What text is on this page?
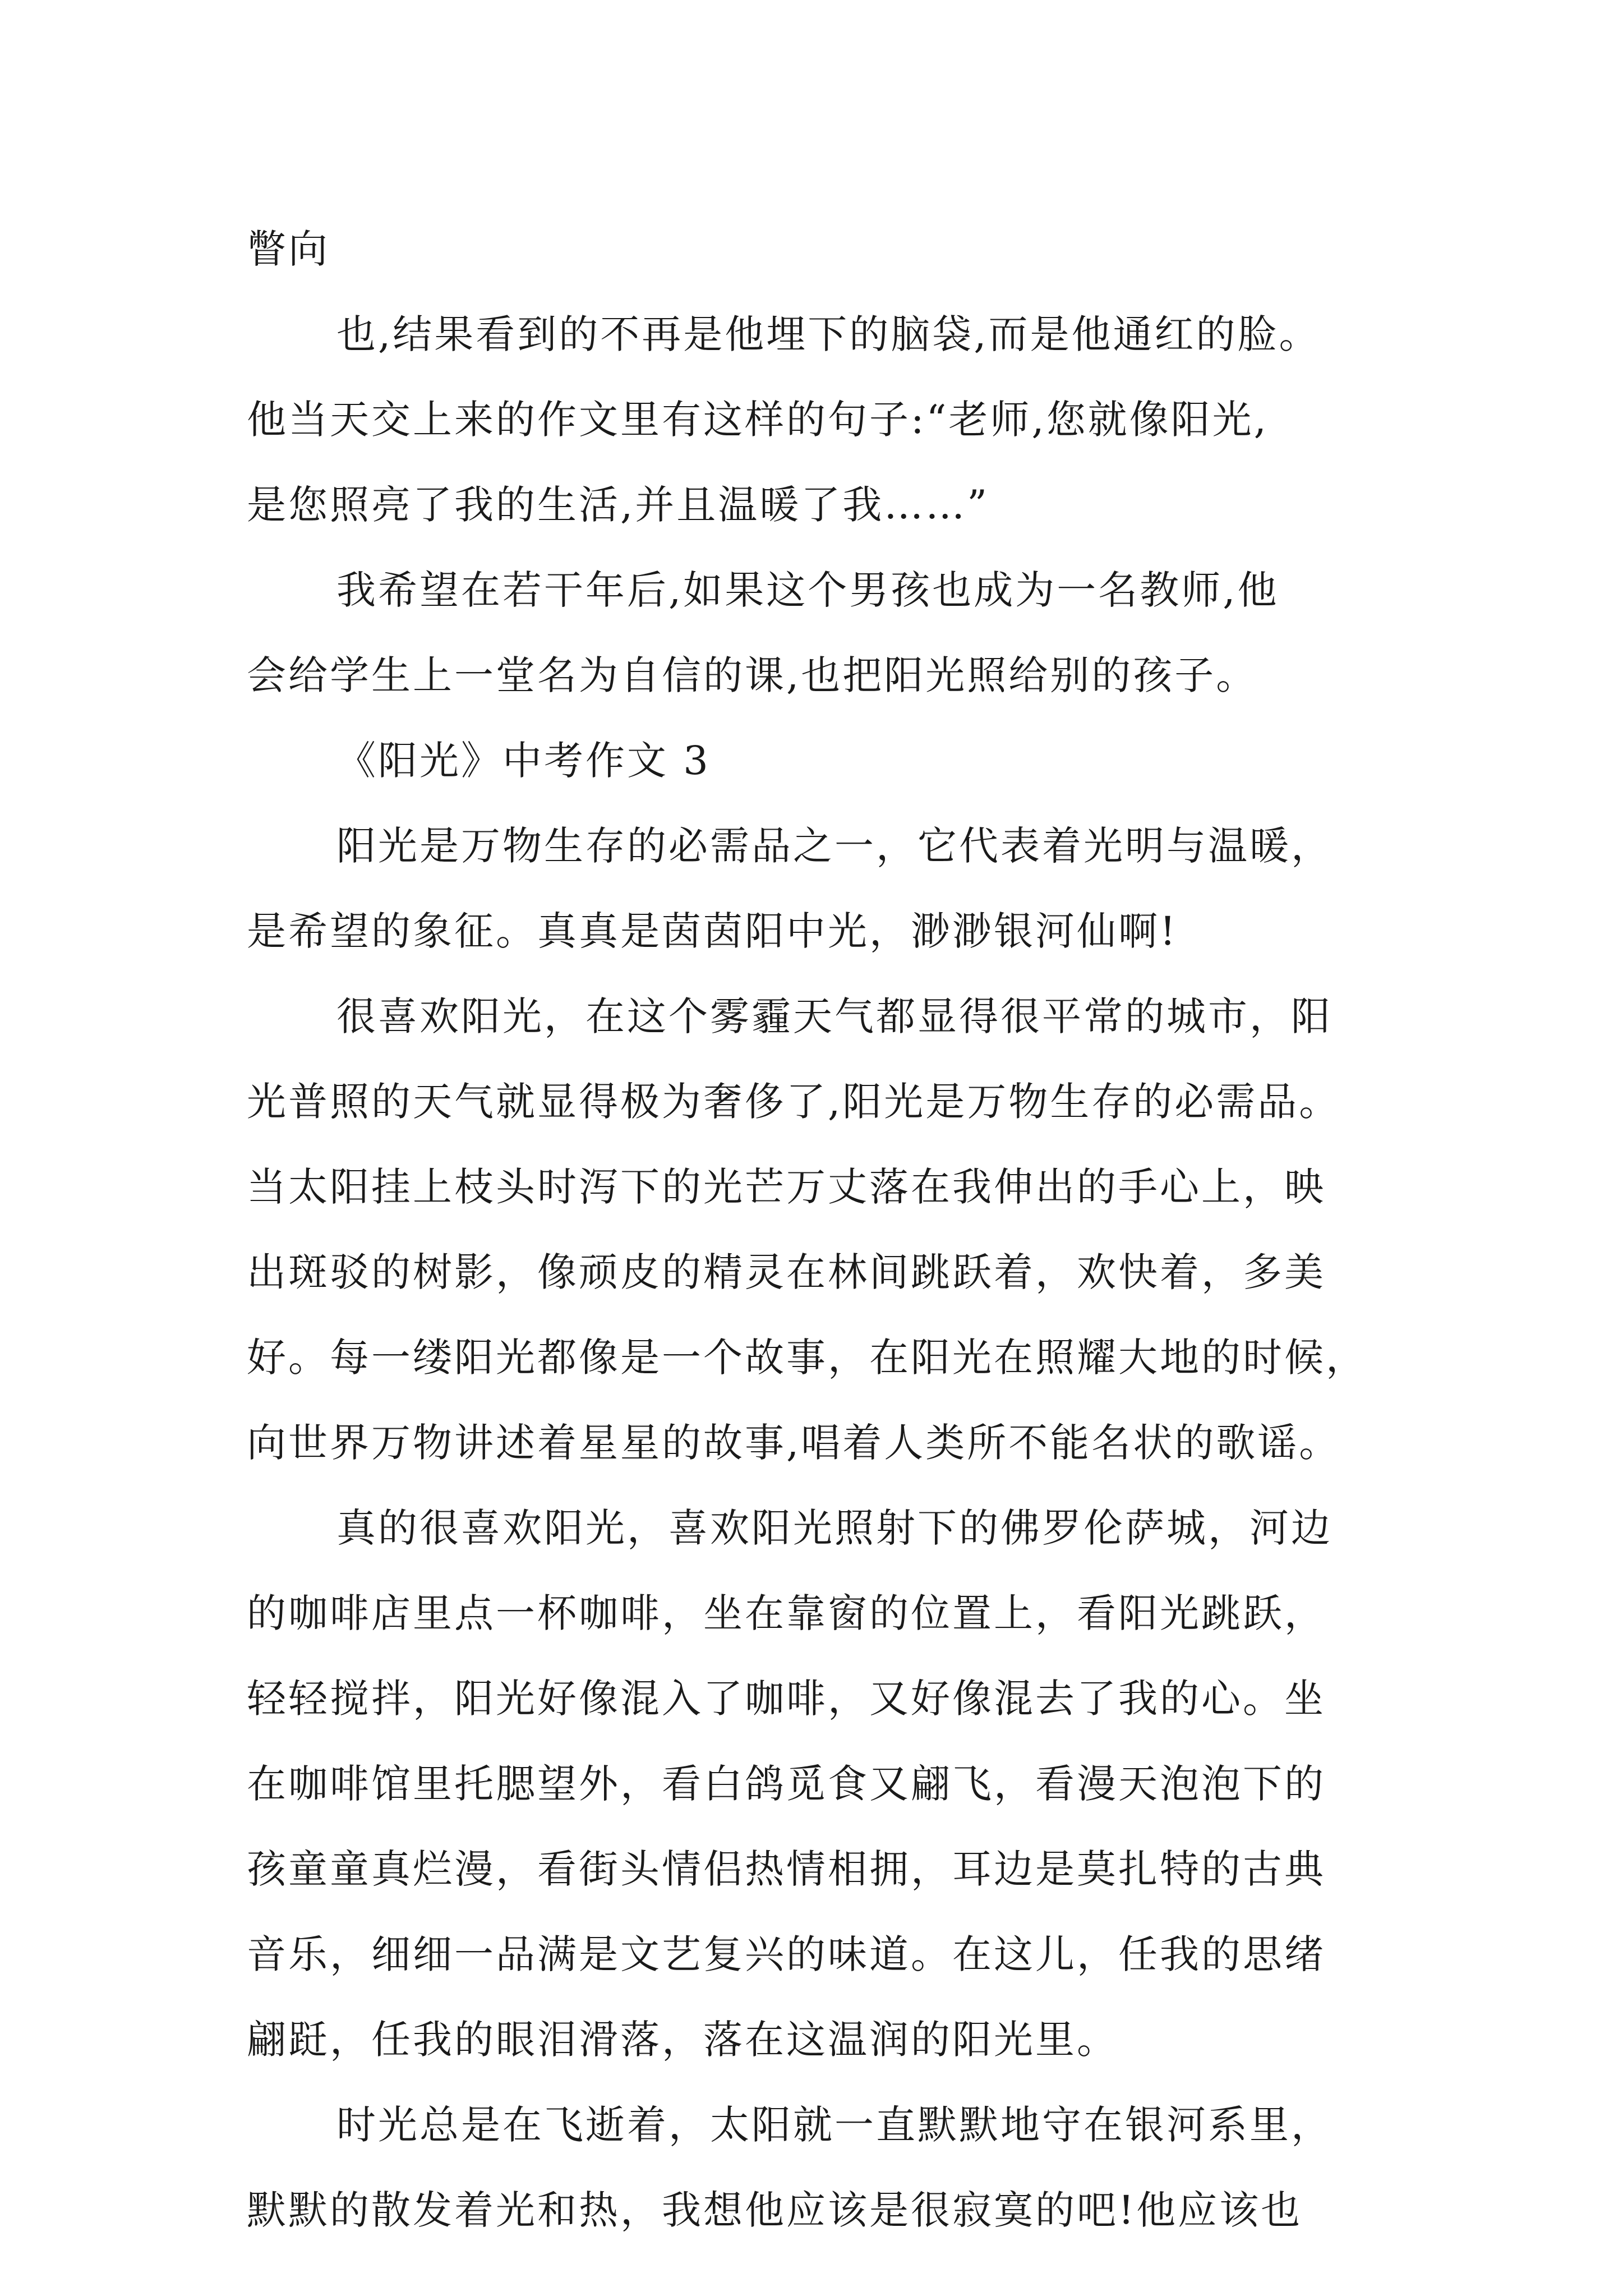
瞥向
也,结果看到的不再是他埋下的脑袋,而是他通红的脸。
他当天交上来的作文里有这样的句子:“老师,您就像阳光,
是您照亮了我的生活,并且温暖了我……”
我希望在若干年后,如果这个男孩也成为一名教师,他
会给学生上一堂名为自信的课,也把阳光照给别的孩子。
《阳光》中考作文 3
阳光是万物生存的必需品之一，它代表着光明与温暖，
是希望的象征。真真是茵茵阳中光，渺渺银河仙啊!
很喜欢阳光，在这个雾霾天气都显得很平常的城市，阳
光普照的天气就显得极为奢侈了,阳光是万物生存的必需品。
当太阳挂上枝头时泻下的光芒万丈落在我伸出的手心上，映
出斑驳的树影，像顽皮的精灵在林间跳跃着，欢快着，多美
好。每一缕阳光都像是一个故事，在阳光在照耀大地的时候，
向世界万物讲述着星星的故事,唱着人类所不能名状的歌谣。
真的很喜欢阳光，喜欢阳光照射下的佛罗伦萨城，河边
的咖啡店里点一杯咖啡，坐在靠窗的位置上，看阳光跳跃，
轻轻搅拌，阳光好像混入了咖啡，又好像混去了我的心。坐
在咖啡馆里托腮望外，看白鸽觅食又翩飞，看漫天泡泡下的
孩童童真烂漫，看街头情侣热情相拥，耳边是莫扎特的古典
音乐，细细一品满是文艺复兴的味道。在这儿，任我的思绪
翩跹，任我的眼泪滑落，落在这温润的阳光里。
时光总是在飞逝着，太阳就一直默默地守在银河系里，
默默的散发着光和热，我想他应该是很寂寞的吧!他应该也
